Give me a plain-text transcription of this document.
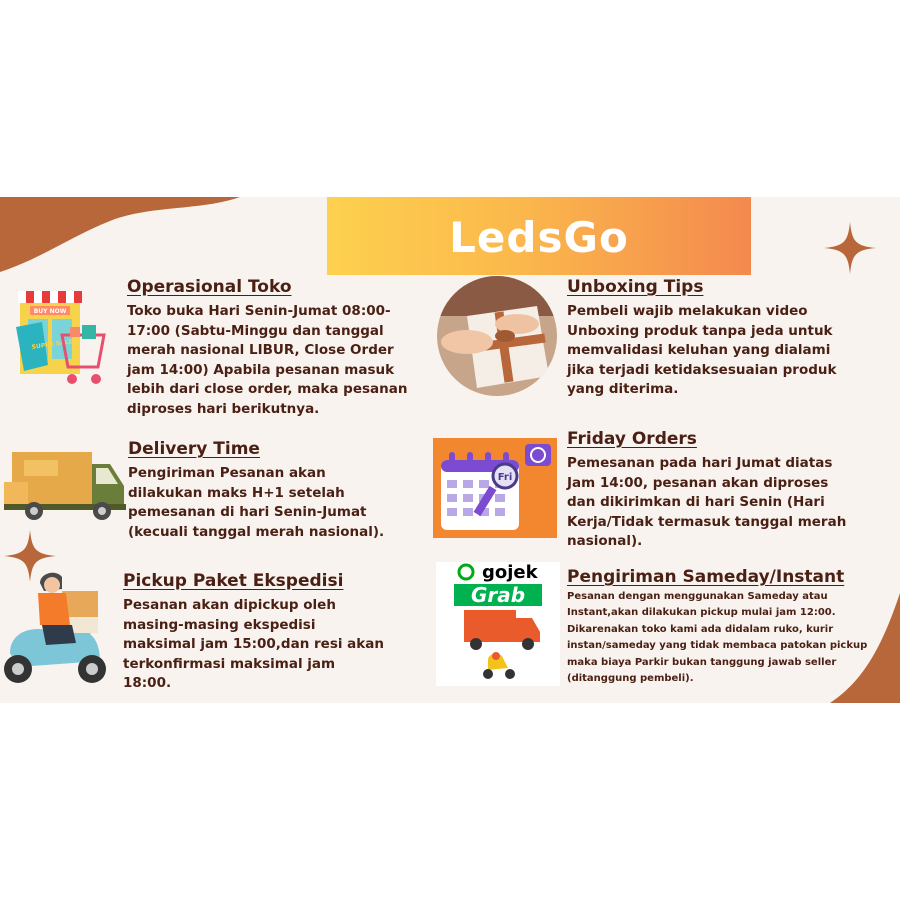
LedsGo
BUY NOW
SUPER SALE
Operasional Toko
Toko buka Hari Senin-Jumat 08:00-17:00 (Sabtu-Minggu dan tanggal merah nasional LIBUR, Close Order jam 14:00) Apabila pesanan masuk lebih dari close order, maka pesanan diproses hari berikutnya.
Delivery Time
Pengiriman Pesanan akan dilakukan maks H+1 setelah pemesanan di hari Senin-Jumat (kecuali tanggal merah nasional).
Pickup Paket Ekspedisi
Pesanan akan dipickup oleh masing-masing ekspedisi maksimal jam 15:00,dan resi akan terkonfirmasi maksimal jam 18:00.
Unboxing Tips
Pembeli wajib melakukan video Unboxing produk tanpa jeda untuk memvalidasi keluhan yang dialami jika terjadi ketidaksesuaian produk yang diterima.
Fri
Friday Orders
Pemesanan pada hari Jumat diatas Jam 14:00, pesanan akan diproses dan dikirimkan di hari Senin (Hari Kerja/Tidak termasuk tanggal merah nasional).
gojek
Grab
Pengiriman Sameday/Instant
Pesanan dengan menggunakan Sameday atau Instant,akan dilakukan pickup mulai jam 12:00. Dikarenakan toko kami ada didalam ruko, kurir instan/sameday yang tidak membaca patokan pickup maka biaya Parkir bukan tanggung jawab seller (ditanggung pembeli).
